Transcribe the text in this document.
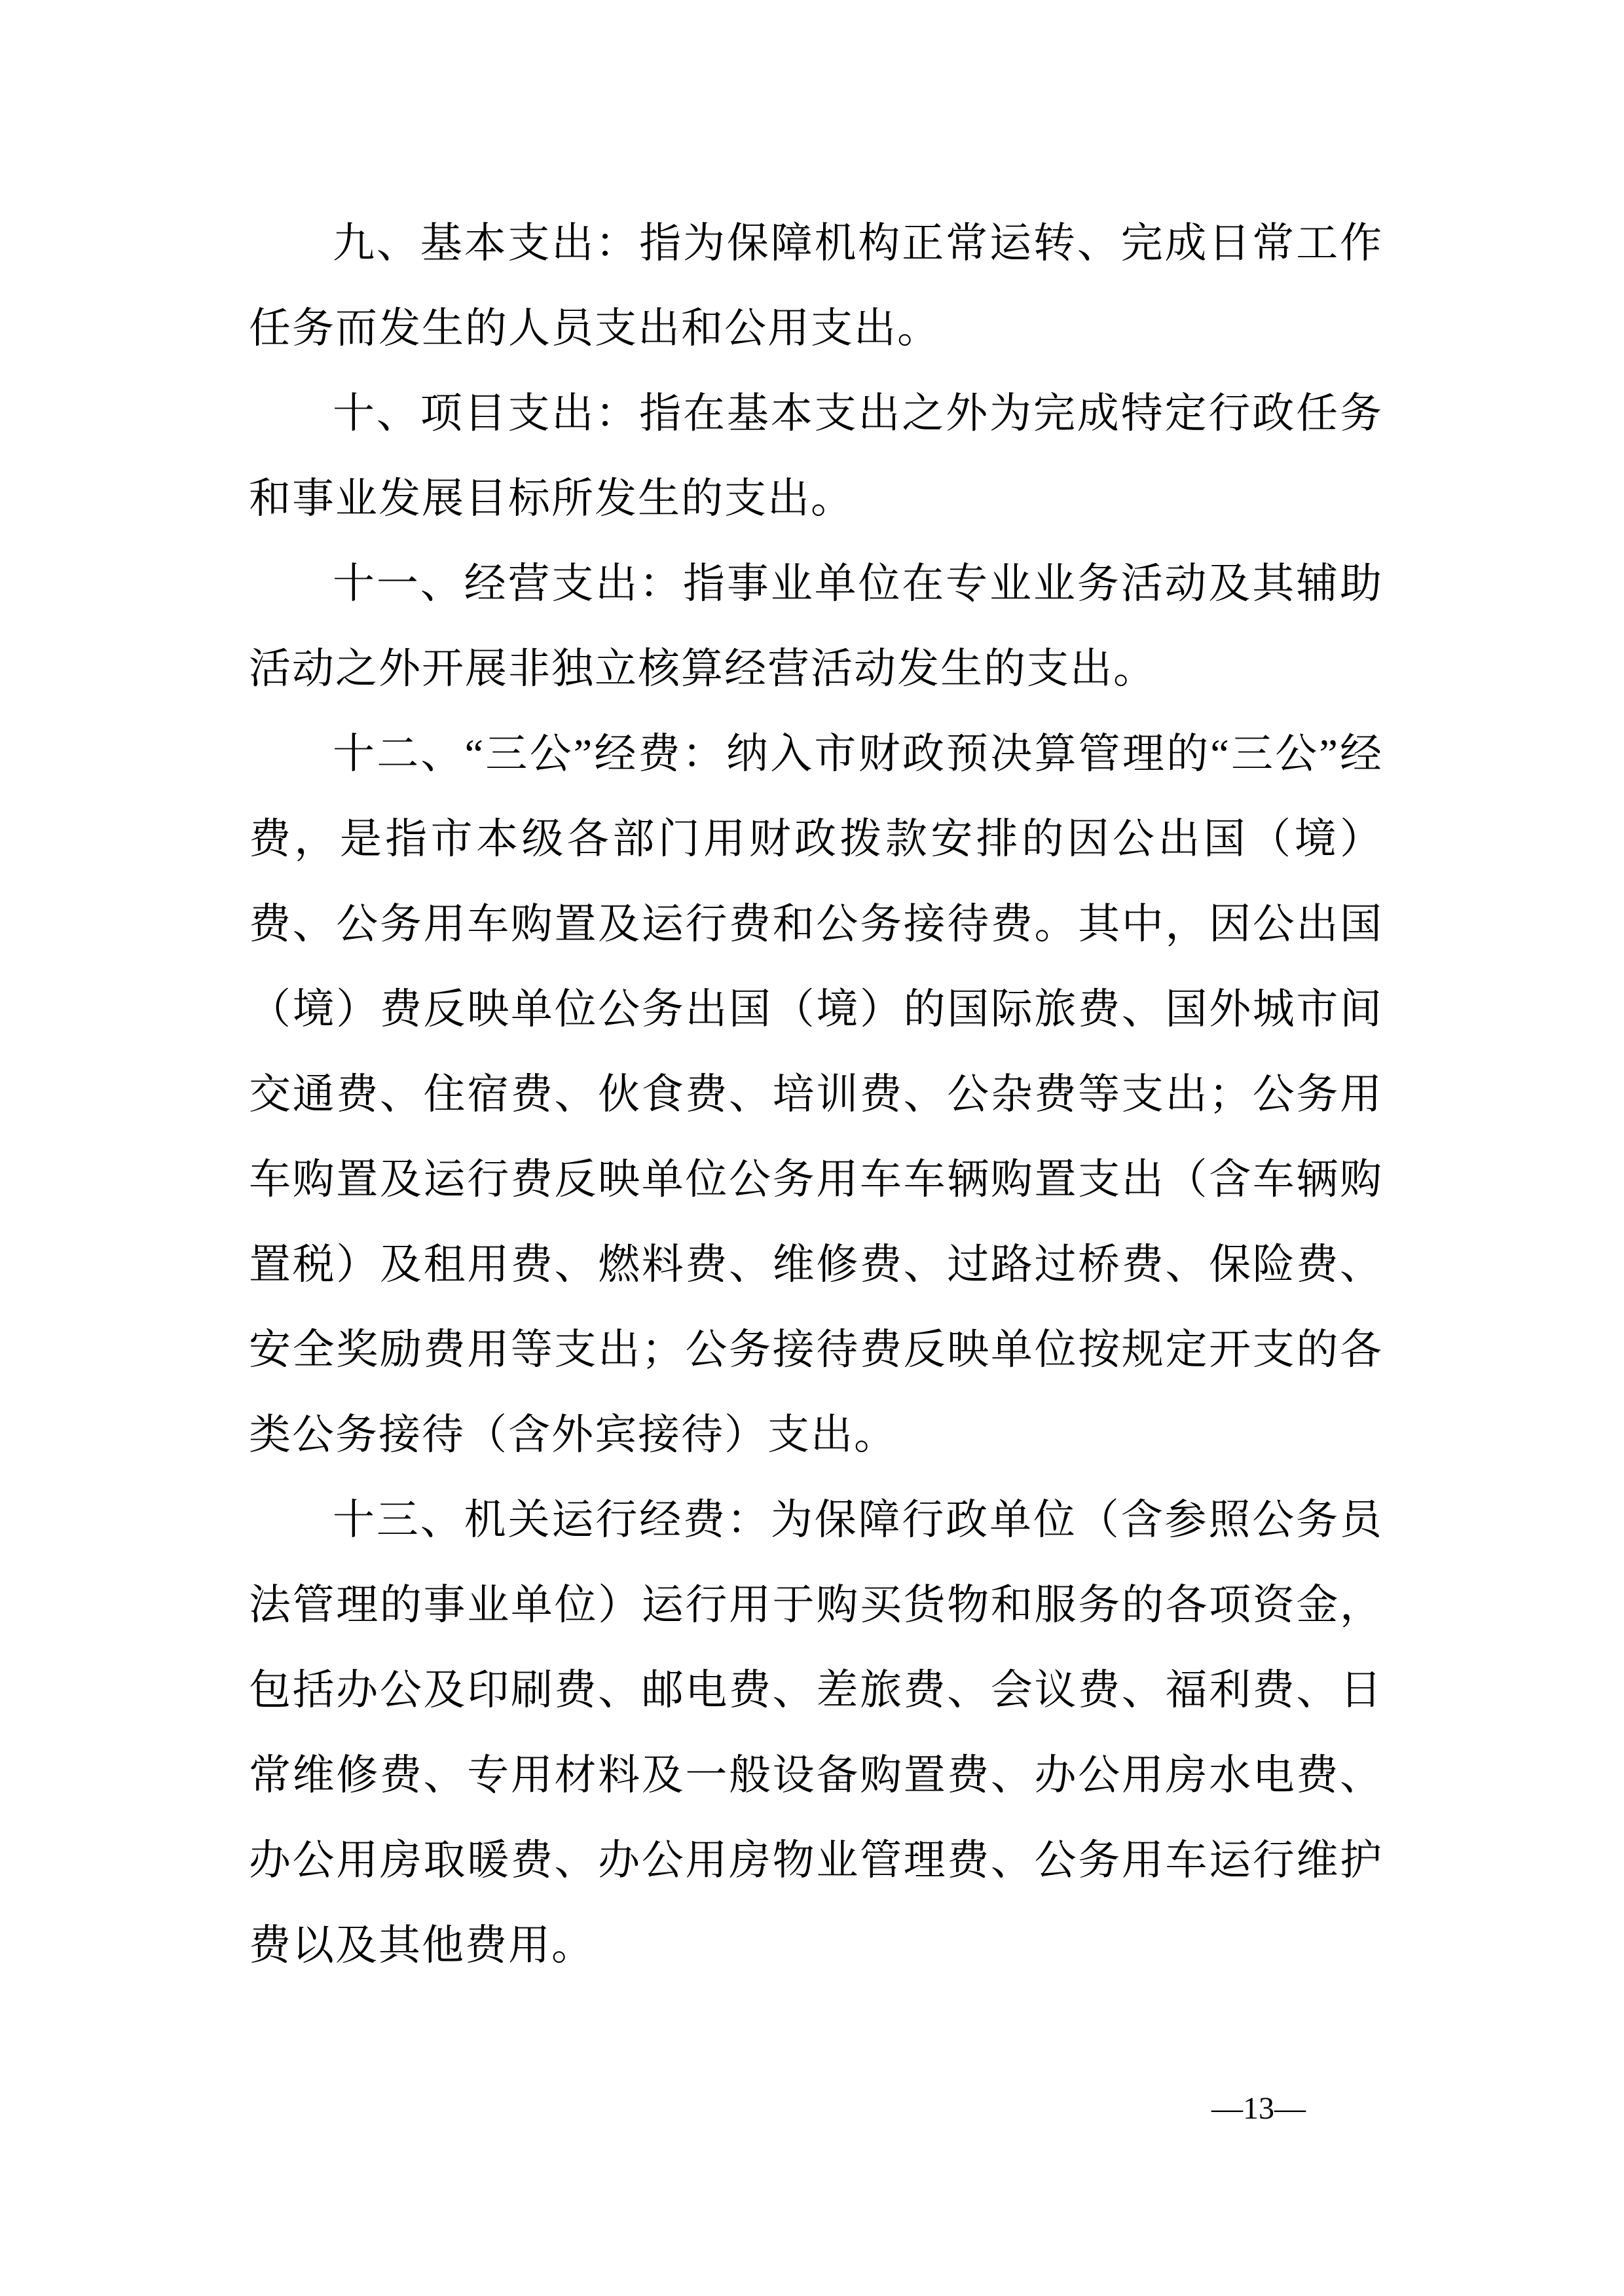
九、基本支出：指为保障机构正常运转、完成日常工作任务而发生的人员支出和公用支出。

十、项目支出：指在基本支出之外为完成特定行政任务和事业发展目标所发生的支出。

十一、经营支出：指事业单位在专业业务活动及其辅助活动之外开展非独立核算经营活动发生的支出。

十二、“三公”经费：纳入市财政预决算管理的“三公”经费，是指市本级各部门用财政拨款安排的因公出国（境）费、公务用车购置及运行费和公务接待费。其中，因公出国（境）费反映单位公务出国（境）的国际旅费、国外城市间交通费、住宿费、伙食费、培训费、公杂费等支出；公务用车购置及运行费反映单位公务用车车辆购置支出（含车辆购置税）及租用费、燃料费、维修费、过路过桥费、保险费、安全奖励费用等支出；公务接待费反映单位按规定开支的各类公务接待（含外宾接待）支出。

十三、机关运行经费：为保障行政单位（含参照公务员法管理的事业单位）运行用于购买货物和服务的各项资金，包括办公及印刷费、邮电费、差旅费、会议费、福利费、日常维修费、专用材料及一般设备购置费、办公用房水电费、办公用房取暖费、办公用房物业管理费、公务用车运行维护费以及其他费用。

—13—
